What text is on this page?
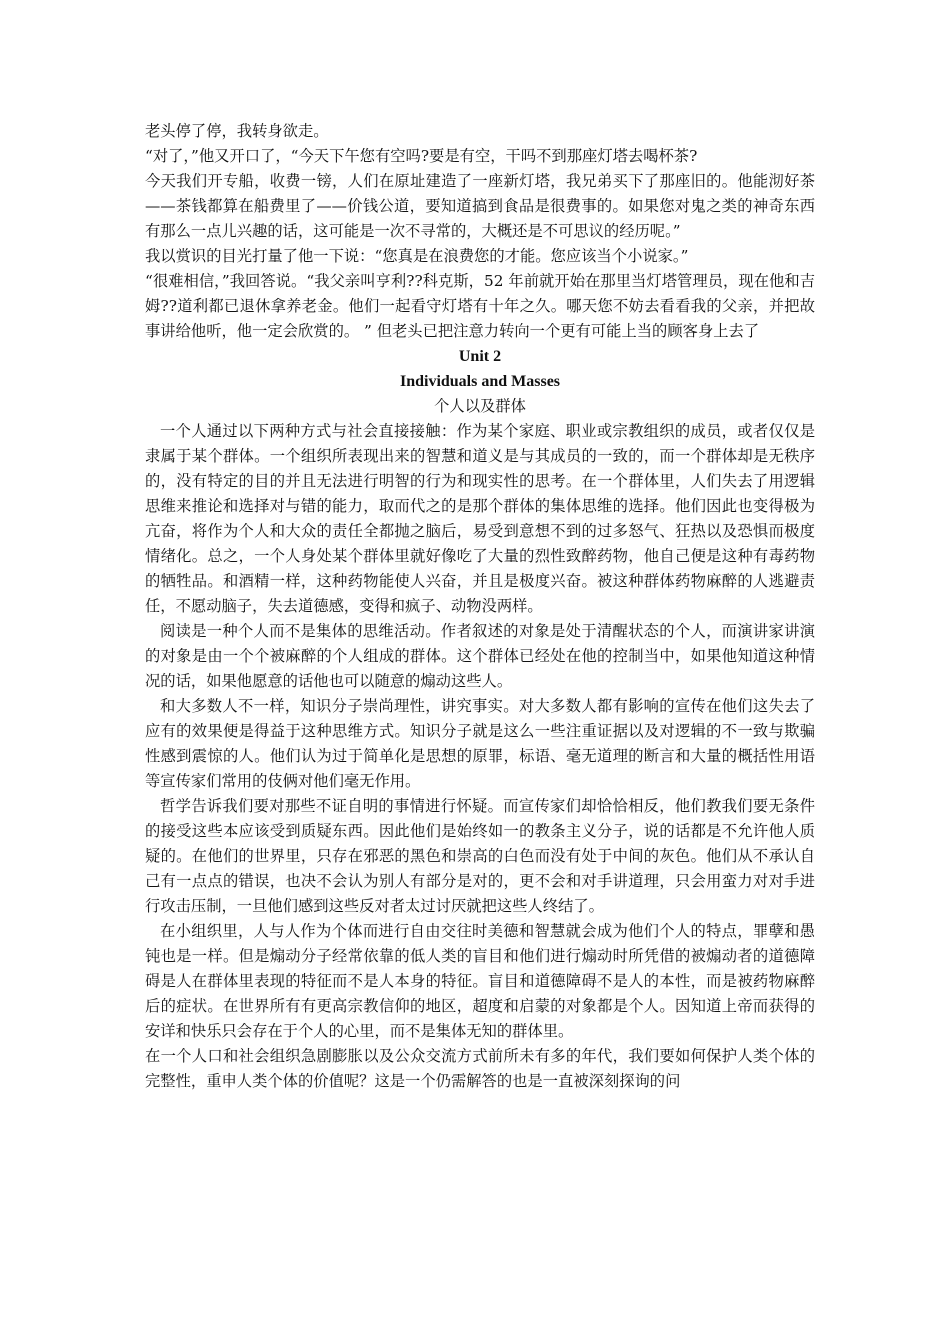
老头停了停，我转身欲走。

“对了，”他又开口了，“今天下午您有空吗?要是有空，干吗不到那座灯塔去喝杯茶?

今天我们开专船，收费一镑，人们在原址建造了一座新灯塔，我兄弟买下了那座旧的。他能沏好茶——茶钱都算在船费里了——价钱公道，要知道搞到食品是很费事的。如果您对鬼之类的神奇东西有那么一点儿兴趣的话，这可能是一次不寻常的，大概还是不可思议的经历呢。”

我以赏识的目光打量了他一下说：“您真是在浪费您的才能。您应该当个小说家。”

“很难相信，”我回答说。“我父亲叫亨利??科克斯，52 年前就开始在那里当灯塔管理员，现在他和吉姆??道利都已退休拿养老金。他们一起看守灯塔有十年之久。哪天您不妨去看看我的父亲，并把故事讲给他听，他一定会欣赏的。 ” 但老头已把注意力转向一个更有可能上当的顾客身上去了

Unit 2
Individuals and Masses
个人以及群体

一个人通过以下两种方式与社会直接接触：作为某个家庭、职业或宗教组织的成员，或者仅仅是隶属于某个群体。一个组织所表现出来的智慧和道义是与其成员的一致的，而一个群体却是无秩序的，没有特定的目的并且无法进行明智的行为和现实性的思考。在一个群体里，人们失去了用逻辑思维来推论和选择对与错的能力，取而代之的是那个群体的集体思维的选择。他们因此也变得极为亢奋，将作为个人和大众的责任全都抛之脑后，易受到意想不到的过多怒气、狂热以及恐惧而极度情绪化。总之，一个人身处某个群体里就好像吃了大量的烈性致醉药物，他自己便是这种有毒药物的牺牲品。和酒精一样，这种药物能使人兴奋，并且是极度兴奋。被这种群体药物麻醉的人逃避责任，不愿动脑子，失去道德感，变得和疯子、动物没两样。

阅读是一种个人而不是集体的思维活动。作者叙述的对象是处于清醒状态的个人，而演讲家讲演的对象是由一个个被麻醉的个人组成的群体。这个群体已经处在他的控制当中，如果他知道这种情况的话，如果他愿意的话他也可以随意的煽动这些人。

和大多数人不一样，知识分子崇尚理性，讲究事实。对大多数人都有影响的宣传在他们这失去了应有的效果便是得益于这种思维方式。知识分子就是这么一些注重证据以及对逻辑的不一致与欺骗性感到震惊的人。他们认为过于简单化是思想的原罪，标语、毫无道理的断言和大量的概括性用语等宣传家们常用的伎俩对他们毫无作用。

哲学告诉我们要对那些不证自明的事情进行怀疑。而宣传家们却恰恰相反，他们教我们要无条件的接受这些本应该受到质疑东西。因此他们是始终如一的教条主义分子，说的话都是不允许他人质疑的。在他们的世界里，只存在邪恶的黑色和崇高的白色而没有处于中间的灰色。他们从不承认自己有一点点的错误，也决不会认为别人有部分是对的，更不会和对手讲道理，只会用蛮力对对手进行攻击压制，一旦他们感到这些反对者太过讨厌就把这些人终结了。

在小组织里，人与人作为个体而进行自由交往时美德和智慧就会成为他们个人的特点，罪孽和愚钝也是一样。但是煽动分子经常依靠的低人类的盲目和他们进行煽动时所凭借的被煽动者的道德障碍是人在群体里表现的特征而不是人本身的特征。盲目和道德障碍不是人的本性，而是被药物麻醉后的症状。在世界所有有更高宗教信仰的地区，超度和启蒙的对象都是个人。因知道上帝而获得的安详和快乐只会存在于个人的心里，而不是集体无知的群体里。

在一个人口和社会组织急剧膨胀以及公众交流方式前所未有多的年代，我们要如何保护人类个体的完整性，重申人类个体的价值呢？这是一个仍需解答的也是一直被深刻探询的问
